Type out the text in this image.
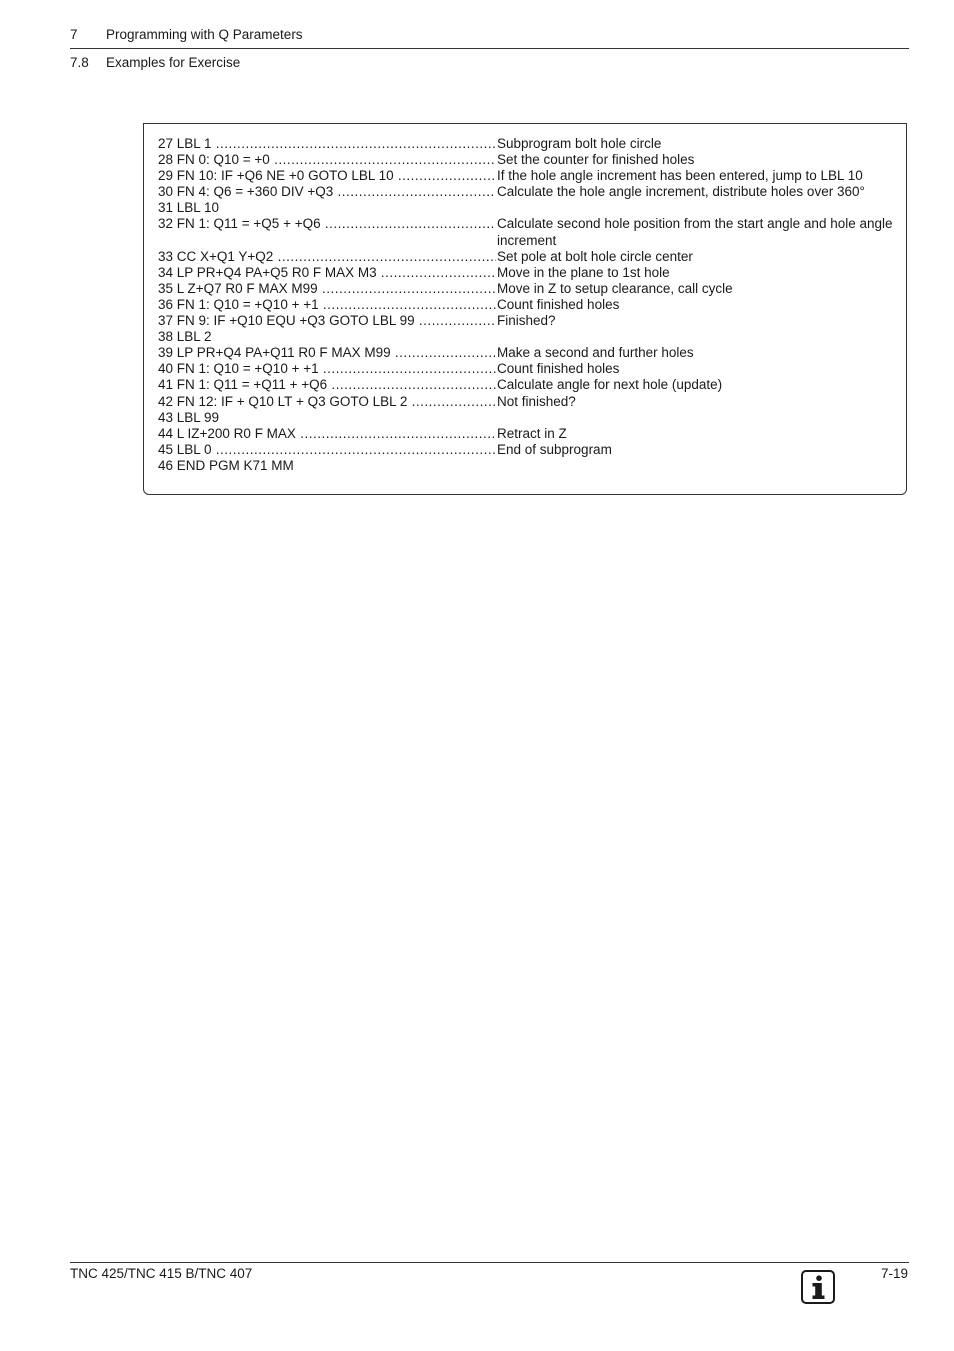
7 Programming with Q Parameters
7.8 Examples for Exercise
27 LBL 1 .....	Subprogram bolt hole circle
28 FN 0: Q10 = +0 .....	Set the counter for finished holes
29 FN 10: IF +Q6 NE +0 GOTO LBL 10 .....	If the hole angle increment has been entered, jump to LBL 10
30 FN 4: Q6 = +360 DIV +Q3 .....	Calculate the hole angle increment, distribute holes over 360°
31 LBL 10
32 FN 1: Q11 = +Q5 + +Q6 .....	Calculate second hole position from the start angle and hole angle increment
33 CC X+Q1 Y+Q2 .....	Set pole at bolt hole circle center
34 LP PR+Q4 PA+Q5 R0 F MAX M3 .....	Move in the plane to 1st hole
35 L Z+Q7 R0 F MAX M99 .....	Move in Z to setup clearance, call cycle
36 FN 1: Q10 = +Q10 + +1 .....	Count finished holes
37 FN 9: IF +Q10 EQU +Q3 GOTO LBL 99 .....	Finished?
38 LBL 2
39 LP PR+Q4 PA+Q11 R0 F MAX M99 .....	Make a second and further holes
40 FN 1: Q10 = +Q10 + +1 .....	Count finished holes
41 FN 1: Q11 = +Q11 + +Q6 .....	Calculate angle for next hole (update)
42 FN 12: IF + Q10 LT + Q3 GOTO LBL 2 .....	Not finished?
43 LBL 99
44 L IZ+200 R0 F MAX .....	Retract in Z
45 LBL 0 .....	End of subprogram
46 END PGM K71 MM
TNC 425/TNC 415 B/TNC 407	7-19
